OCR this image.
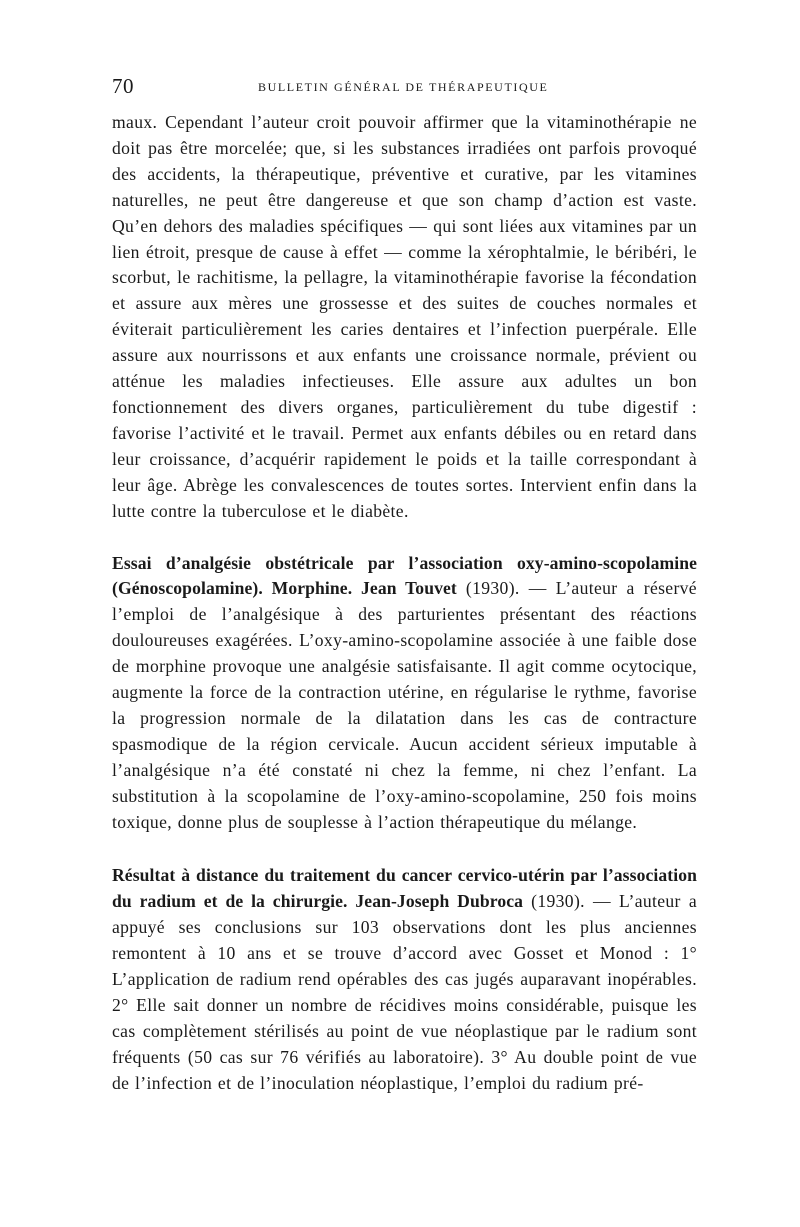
70	BULLETIN GÉNÉRAL DE THÉRAPEUTIQUE

maux. Cependant l’auteur croit pouvoir affirmer que la vitaminothérapie ne doit pas être morcelée; que, si les substances irradiées ont parfois provoqué des accidents, la thérapeutique, préventive et curative, par les vitamines naturelles, ne peut être dangereuse et que son champ d’action est vaste. Qu’en dehors des maladies spécifiques — qui sont liées aux vitamines par un lien étroit, presque de cause à effet — comme la xérophtalmie, le béribéri, le scorbut, le rachitisme, la pellagre, la vitaminothérapie favorise la fécondation et assure aux mères une grossesse et des suites de couches normales et éviterait particulièrement les caries dentaires et l’infection puerpérale. Elle assure aux nourrissons et aux enfants une croissance normale, prévient ou atténue les maladies infectieuses. Elle assure aux adultes un bon fonctionnement des divers organes, particulièrement du tube digestif : favorise l’activité et le travail. Permet aux enfants débiles ou en retard dans leur croissance, d’acquérir rapidement le poids et la taille correspondant à leur âge. Abrège les convalescences de toutes sortes. Intervient enfin dans la lutte contre la tuberculose et le diabète.

Essai d’analgésie obstétricale par l’association oxy-amino-scopolamine (Génoscopolamine). Morphine. Jean Touvet (1930). — L’auteur a réservé l’emploi de l’analgésique à des parturientes présentant des réactions douloureuses exagérées. L’oxy-amino-scopolamine associée à une faible dose de morphine provoque une analgésie satisfaisante. Il agit comme ocytocique, augmente la force de la contraction utérine, en régularise le rythme, favorise la progression normale de la dilatation dans les cas de contracture spasmodique de la région cervicale. Aucun accident sérieux imputable à l’analgésique n’a été constaté ni chez la femme, ni chez l’enfant. La substitution à la scopolamine de l’oxy-amino-scopolamine, 250 fois moins toxique, donne plus de souplesse à l’action thérapeutique du mélange.

Résultat à distance du traitement du cancer cervico-utérin par l’association du radium et de la chirurgie. Jean-Joseph Dubroca (1930). — L’auteur a appuyé ses conclusions sur 103 observations dont les plus anciennes remontent à 10 ans et se trouve d’accord avec Gosset et Monod : 1° L’application de radium rend opérables des cas jugés auparavant inopérables. 2° Elle sait donner un nombre de récidives moins considérable, puisque les cas complètement stérilisés au point de vue néoplastique par le radium sont fréquents (50 cas sur 76 vérifiés au laboratoire). 3° Au double point de vue de l’infection et de l’inoculation néoplastique, l’emploi du radium pré-
